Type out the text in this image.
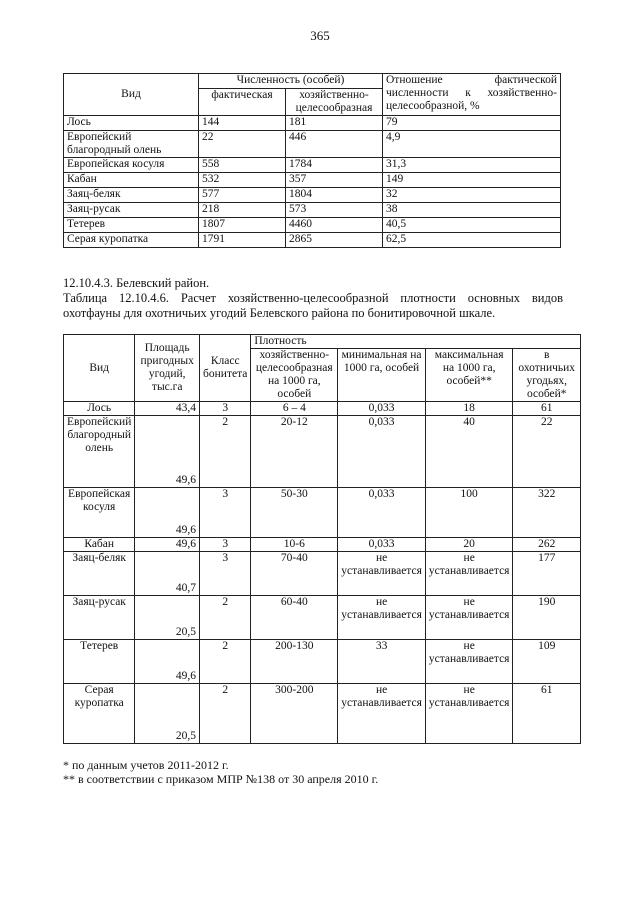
365
Вид	Численность (особей)		Отношение фактической численности к хозяйственно-целесообразной, %
	фактическая	хозяйственно-целесообразная	
Лось	144	181	79
Европейский благородный олень	22	446	4,9
Европейская косуля	558	1784	31,3
Кабан	532	357	149
Заяц-беляк	577	1804	32
Заяц-русак	218	573	38
Тетерев	1807	4460	40,5
Серая куропатка	1791	2865	62,5
12.10.4.3. Белевский район.
Таблица 12.10.4.6. Расчет хозяйственно-целесообразной плотности основных видов охотфауны для охотничьих угодий Белевского района по бонитировочной шкале.
Вид	Площадь пригодных угодий, тыс.га	Класс бонитета	Плотность			
			хозяйственно-целесообразная на 1000 га, особей	минимальная на 1000 га, особей	максимальная на 1000 га, особей**	в охотничьих угодьях, особей*
Лось	43,4	3	6 – 4	0,033	18	61
Европейский благородный олень	49,6	2	20-12	0,033	40	22
Европейская косуля	49,6	3	50-30	0,033	100	322
Кабан	49,6	3	10-6	0,033	20	262
Заяц-беляк	40,7	3	70-40	не устанавливается	не устанавливается	177
Заяц-русак	20,5	2	60-40	не устанавливается	не устанавливается	190
Тетерев	49,6	2	200-130	33	не устанавливается	109
Серая куропатка	20,5	2	300-200	не устанавливается	не устанавливается	61
* по данным учетов 2011-2012 г.
** в соответствии с приказом МПР №138 от 30 апреля 2010 г.
